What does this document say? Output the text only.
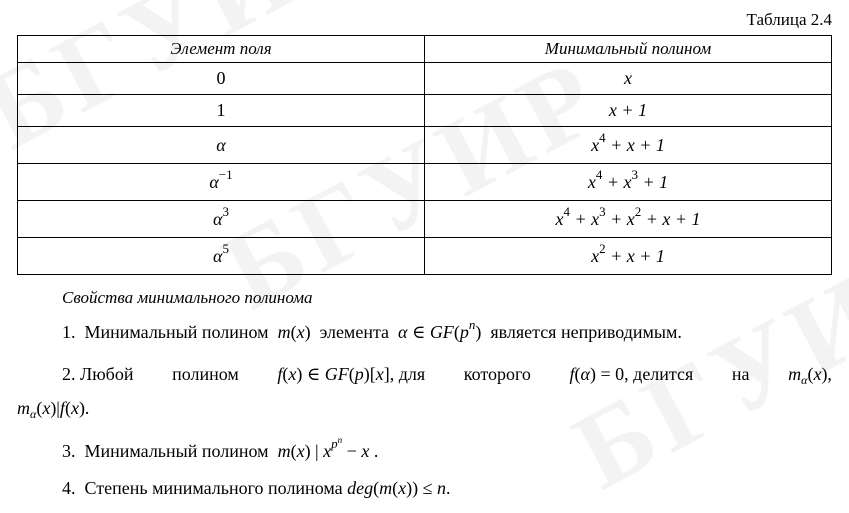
Таблица 2.4
Элемент поля	Минимальный полином
0	x
1	x + 1
α	$x^4 + x + 1$
$\alpha^{-1}$	$x^4 + x^3 + 1$
$\alpha^3$	$x^4 + x^3 + x^2 + x + 1$
$\alpha^5$	$x^2 + x + 1$
Свойства минимального полинома
1. Минимальный полином m(x)  элемента α ∈ $GF(p^n)$  является неприводимым.
2. Любой полином f(x) ∈ GF(p)[x], для которого f(α) = 0, делится на $m_\alpha(x)$,
$m_\alpha(x)|f(x)$.
3. Минимальный полином m(x) | $x^{p^n} - x$ .
4. Степень минимального полинома deg(m(x)) ≤ n.
